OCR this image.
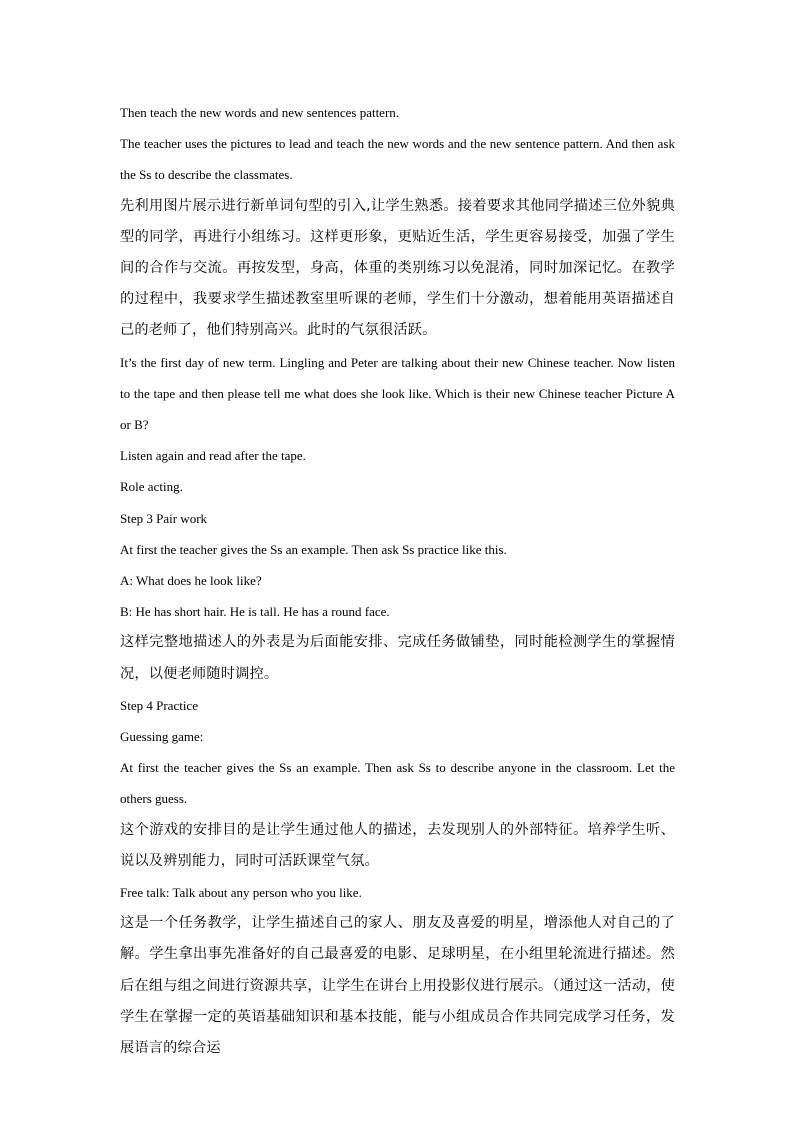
Then teach the new words and new sentences pattern.

The teacher uses the pictures to lead and teach the new words and the new sentence pattern. And then ask the Ss to describe the classmates.

先利用图片展示进行新单词句型的引入,让学生熟悉。接着要求其他同学描述三位外貌典型的同学，再进行小组练习。这样更形象，更贴近生活，学生更容易接受，加强了学生间的合作与交流。再按发型，身高，体重的类别练习以免混淆，同时加深记忆。在教学的过程中，我要求学生描述教室里听课的老师，学生们十分激动，想着能用英语描述自己的老师了，他们特别高兴。此时的气氛很活跃。

It’s the first day of new term. Lingling and Peter are talking about their new Chinese teacher. Now listen to the tape and then please tell me what does she look like. Which is their new Chinese teacher Picture A or B?

Listen again and read after the tape.

Role acting.

Step 3 Pair work

At first the teacher gives the Ss an example. Then ask Ss practice like this.

A: What does he look like?

B: He has short hair. He is tall. He has a round face.

这样完整地描述人的外表是为后面能安排、完成任务做铺垫，同时能检测学生的掌握情况，以便老师随时调控。

Step 4 Practice

Guessing game:

At first the teacher gives the Ss an example. Then ask Ss to describe anyone in the classroom. Let the others guess.

这个游戏的安排目的是让学生通过他人的描述，去发现别人的外部特征。培养学生听、说以及辨别能力，同时可活跃课堂气氛。

Free talk: Talk about any person who you like.

这是一个任务教学，让学生描述自己的家人、朋友及喜爱的明星，增添他人对自己的了解。学生拿出事先准备好的自己最喜爱的电影、足球明星，在小组里轮流进行描述。然后在组与组之间进行资源共享，让学生在讲台上用投影仪进行展示。（通过这一活动，使学生在掌握一定的英语基础知识和基本技能，能与小组成员合作共同完成学习任务，发展语言的综合运
